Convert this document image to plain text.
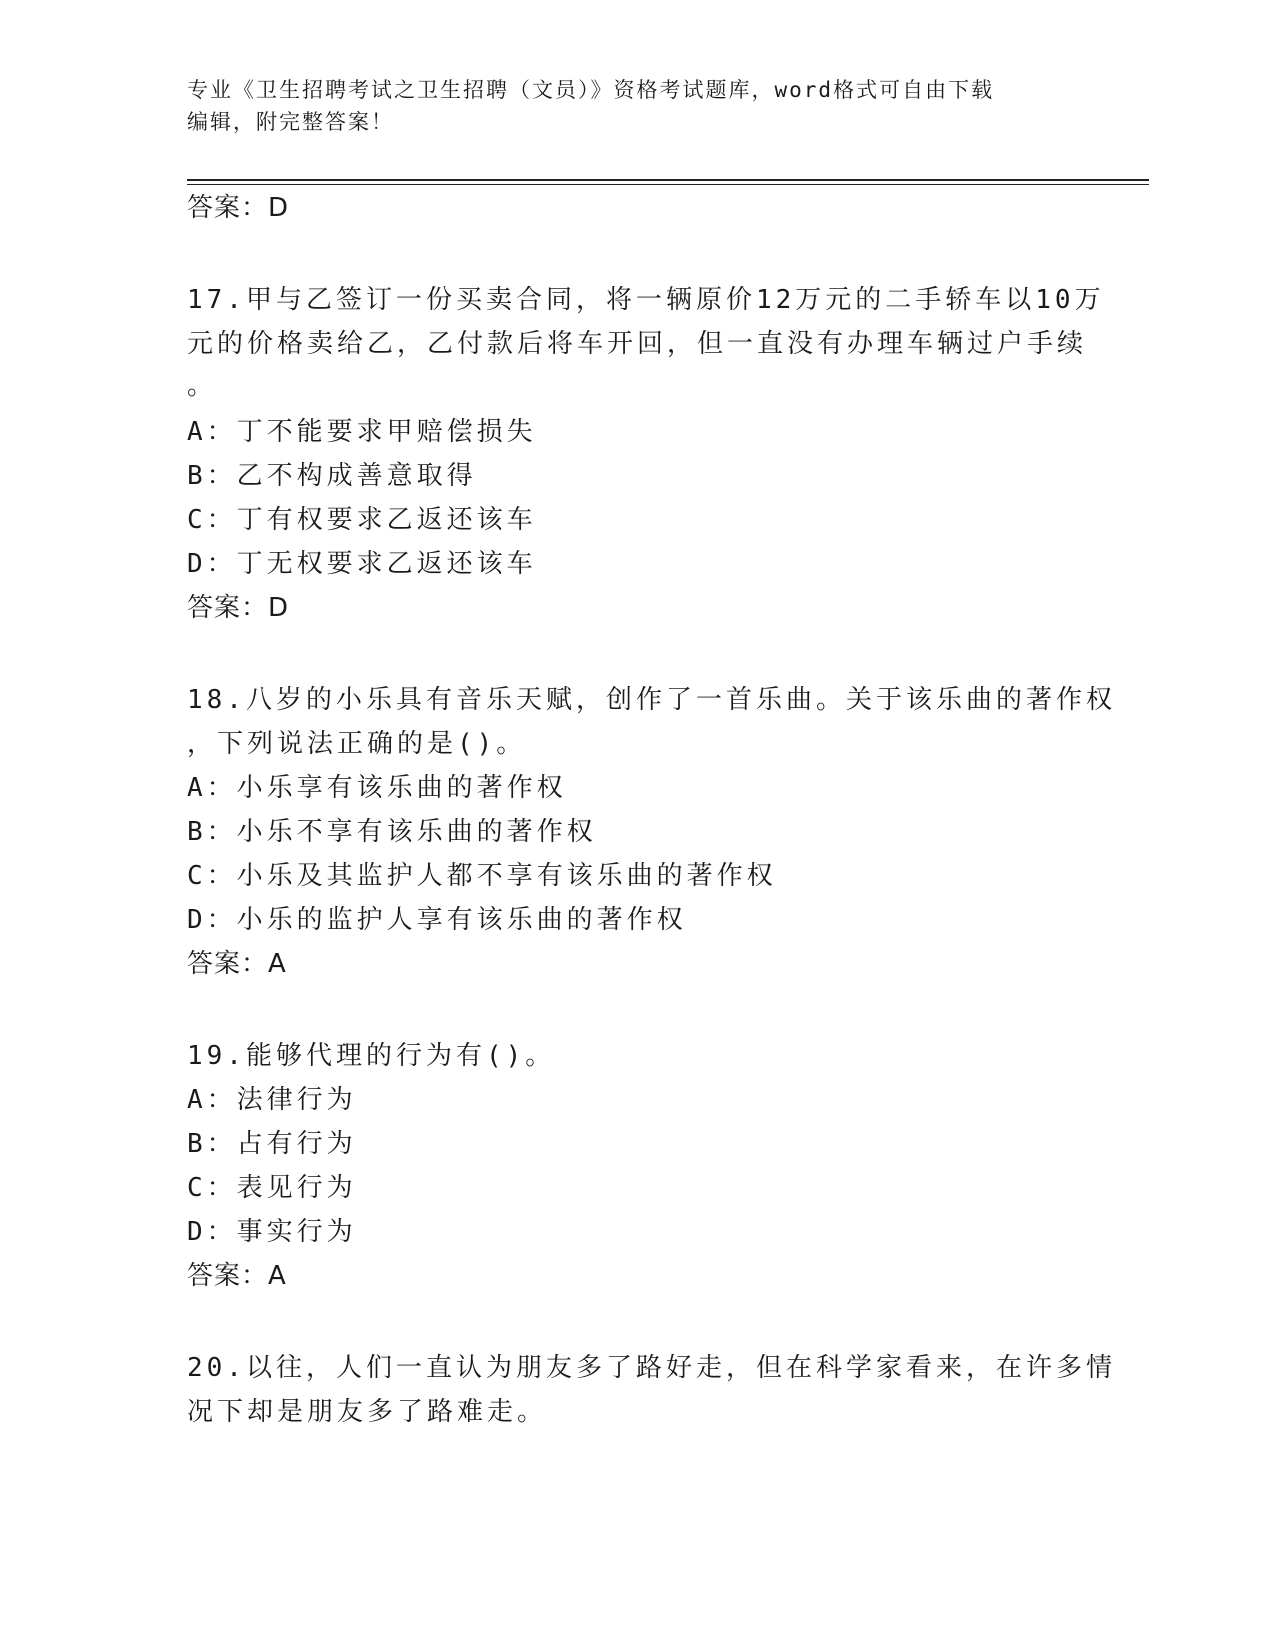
专业《卫生招聘考试之卫生招聘（文员）》资格考试题库，word格式可自由下载
编辑，附完整答案！
答案：D
17.甲与乙签订一份买卖合同，将一辆原价12万元的二手轿车以10万
元的价格卖给乙，乙付款后将车开回，但一直没有办理车辆过户手续
。
A：丁不能要求甲赔偿损失
B：乙不构成善意取得
C：丁有权要求乙返还该车
D：丁无权要求乙返还该车
答案：D
18.八岁的小乐具有音乐天赋，创作了一首乐曲。关于该乐曲的著作权
，下列说法正确的是()。
A：小乐享有该乐曲的著作权
B：小乐不享有该乐曲的著作权
C：小乐及其监护人都不享有该乐曲的著作权
D：小乐的监护人享有该乐曲的著作权
答案：A
19.能够代理的行为有()。
A：法律行为
B：占有行为
C：表见行为
D：事实行为
答案：A
20.以往，人们一直认为朋友多了路好走，但在科学家看来，在许多情
况下却是朋友多了路难走。
